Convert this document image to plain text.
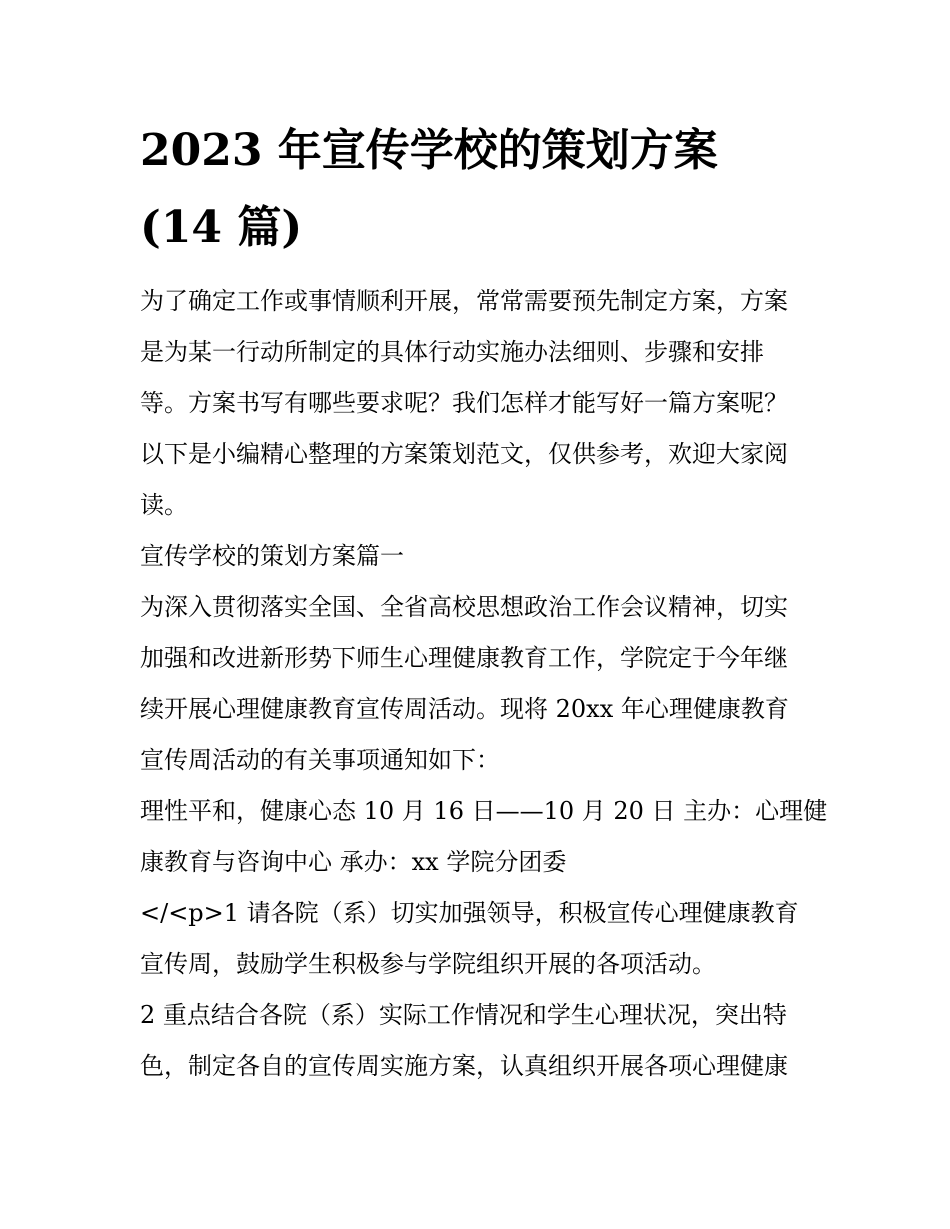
2023 年宣传学校的策划方案
(14 篇)

为了确定工作或事情顺利开展，常常需要预先制定方案，方案

是为某一行动所制定的具体行动实施办法细则、步骤和安排

等。方案书写有哪些要求呢？我们怎样才能写好一篇方案呢？

以下是小编精心整理的方案策划范文，仅供参考，欢迎大家阅

读。

宣传学校的策划方案篇一

为深入贯彻落实全国、全省高校思想政治工作会议精神，切实

加强和改进新形势下师生心理健康教育工作，学院定于今年继

续开展心理健康教育宣传周活动。现将 20xx 年心理健康教育

宣传周活动的有关事项通知如下：

理性平和，健康心态 10 月 16 日——10 月 20 日 主办：心理健

康教育与咨询中心 承办：xx 学院分团委

</<p>1 请各院（系）切实加强领导，积极宣传心理健康教育

宣传周，鼓励学生积极参与学院组织开展的各项活动。

2 重点结合各院（系）实际工作情况和学生心理状况，突出特

色，制定各自的宣传周实施方案，认真组织开展各项心理健康
